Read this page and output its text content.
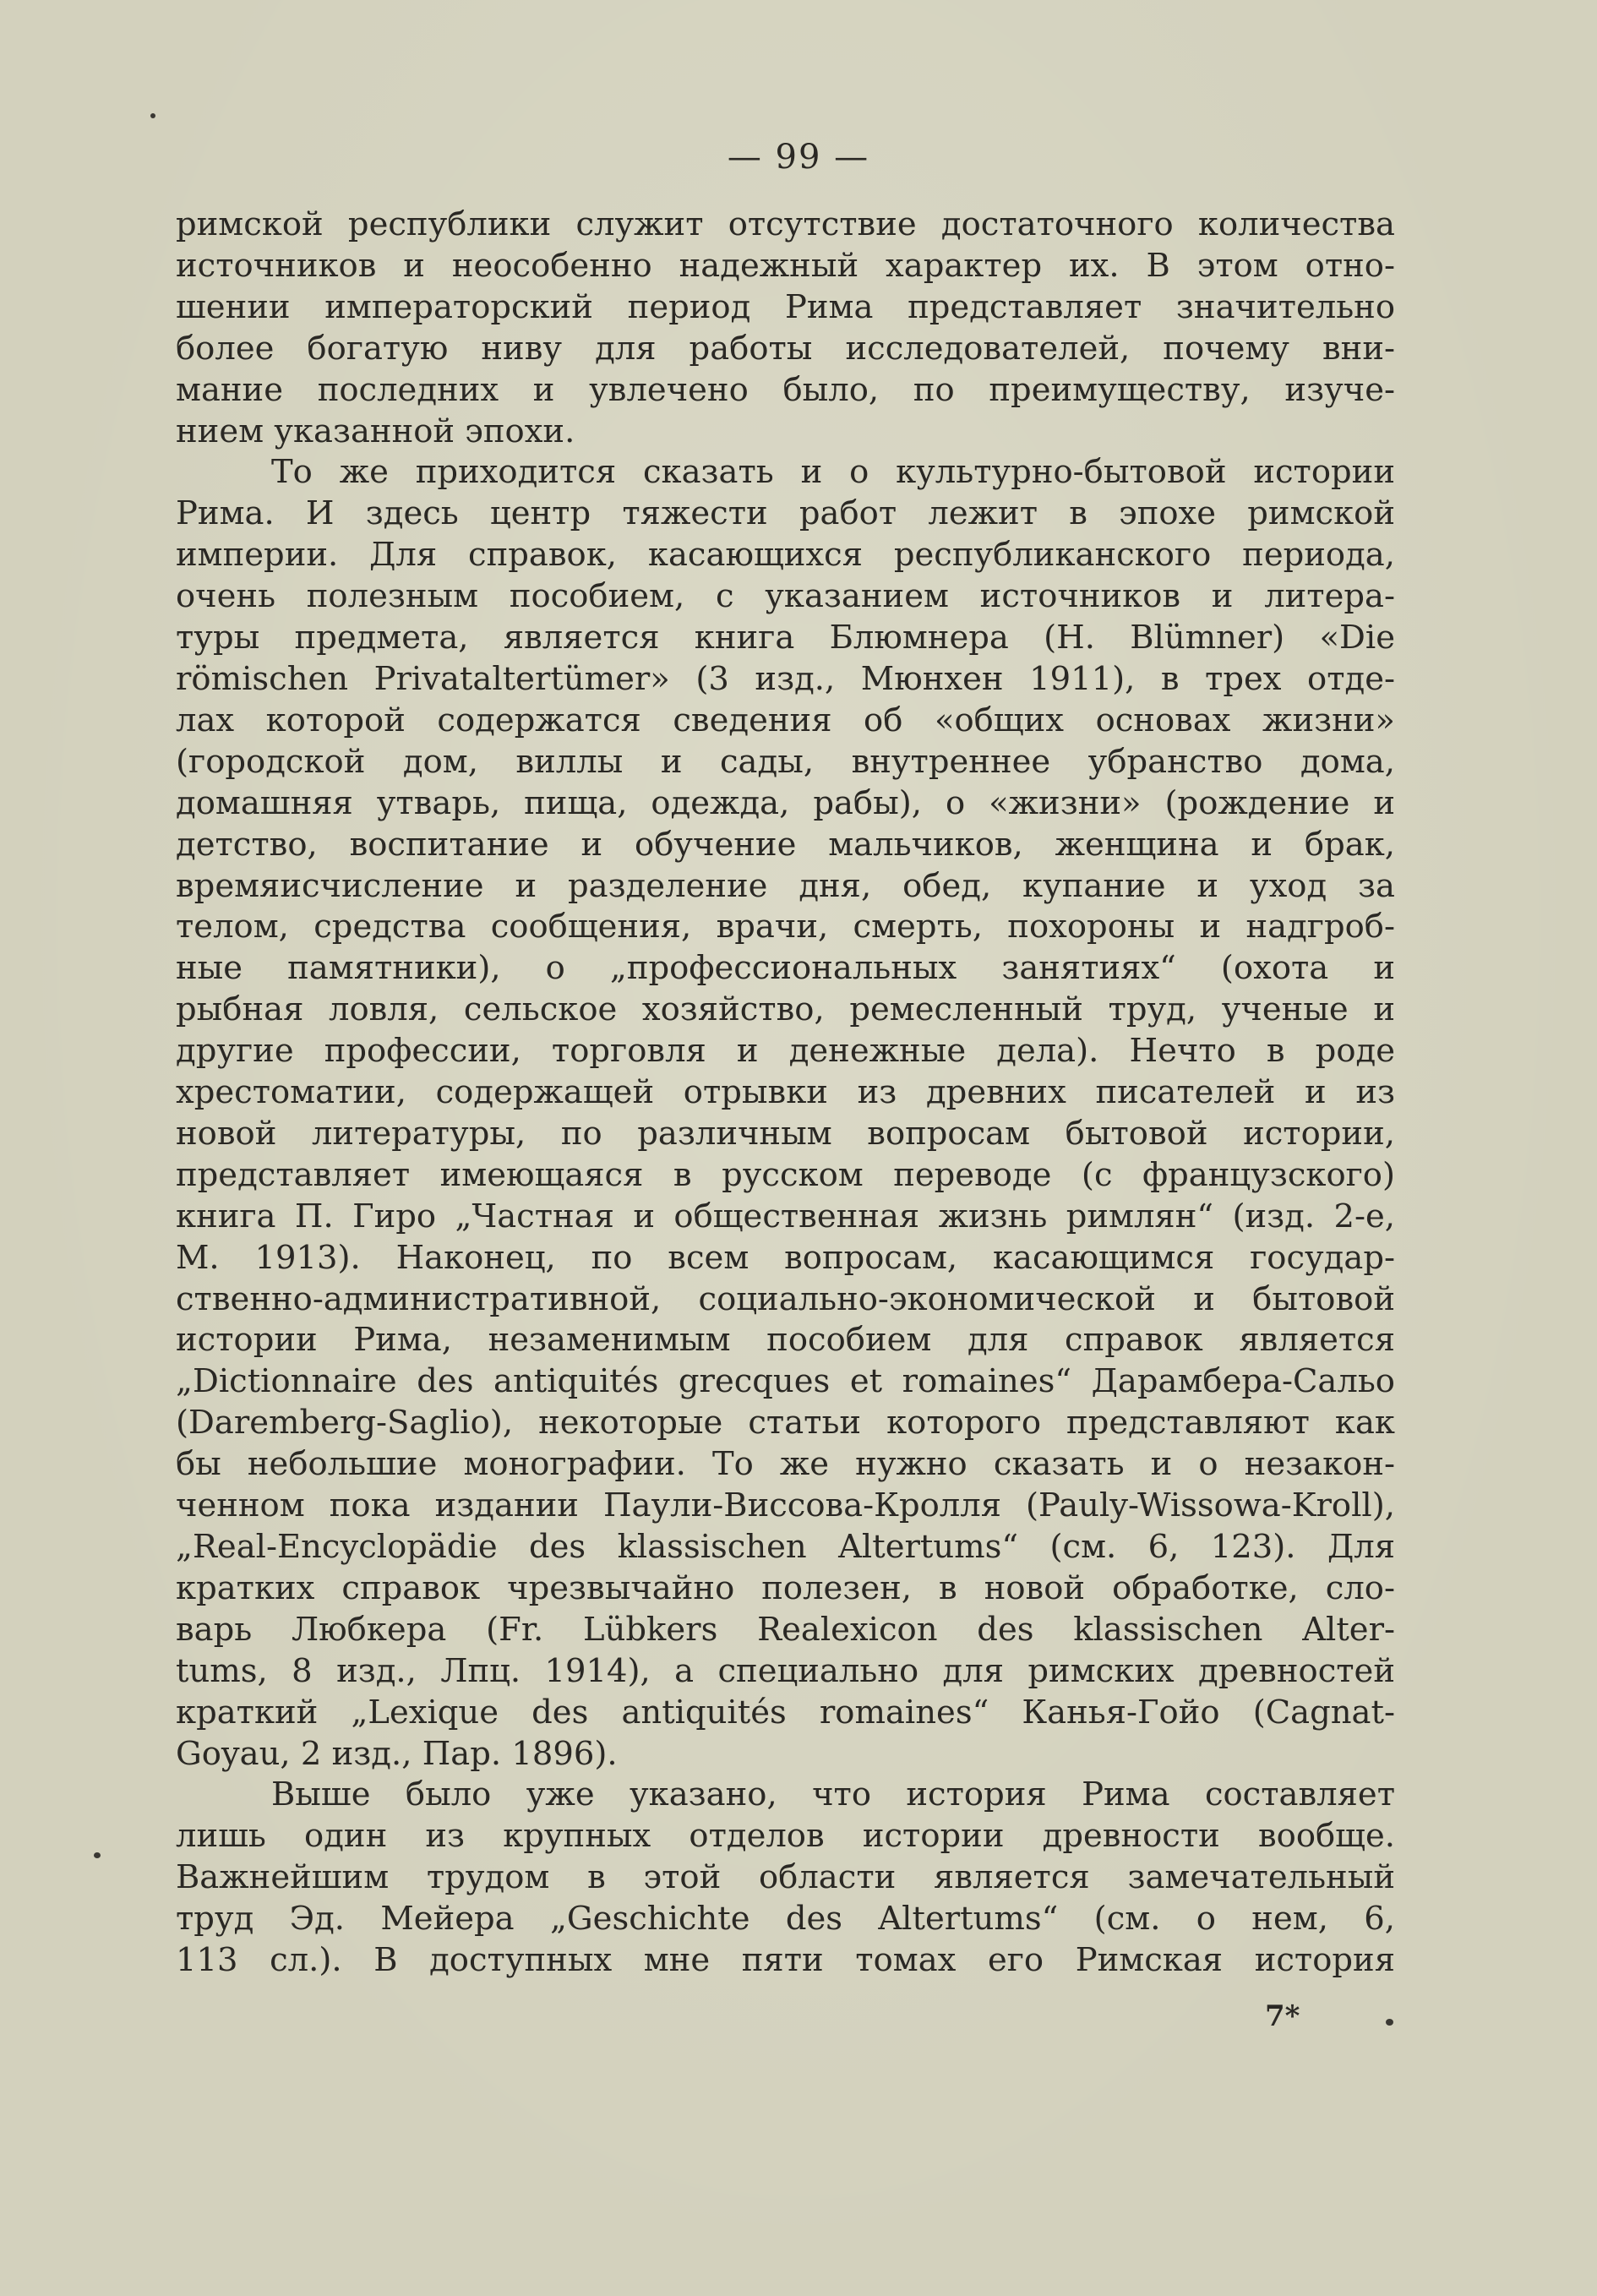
— 99 —

римской республики служит отсутствие достаточного количества
источников и неособенно надежный характер их. В этом отно-
шении императорский период Рима представляет значительно
более богатую ниву для работы исследователей, почему вни-
мание последних и увлечено было, по преимуществу, изуче-
нием указанной эпохи.

То же приходится сказать и о культурно-бытовой истории
Рима. И здесь центр тяжести работ лежит в эпохе римской
империи. Для справок, касающихся республиканского периода,
очень полезным пособием, с указанием источников и литера-
туры предмета, является книга Блюмнера (H. Blümner) «Die
römischen Privataltertümer» (3 изд., Мюнхен 1911), в трех отде-
лах которой содержатся сведения об «общих основах жизни»
(городской дом, виллы и сады, внутреннее убранство дома,
домашняя утварь, пища, одежда, рабы), о «жизни» (рождение и
детство, воспитание и обучение мальчиков, женщина и брак,
времяисчисление и разделение дня, обед, купание и уход за
телом, средства сообщения, врачи, смерть, похороны и надгроб-
ные памятники), о „профессиональных занятиях“ (охота и
рыбная ловля, сельское хозяйство, ремесленный труд, ученые и
другие профессии, торговля и денежные дела). Нечто в роде
хрестоматии, содержащей отрывки из древних писателей и из
новой литературы, по различным вопросам бытовой истории,
представляет имеющаяся в русском переводе (с французского)
книга П. Гиро „Частная и общественная жизнь римлян“ (изд. 2-е,
М. 1913). Наконец, по всем вопросам, касающимся государ-
ственно-административной, социально-экономической и бытовой
истории Рима, незаменимым пособием для справок является
„Dictionnaire des antiquités grecques et romaines“ Дарамбера-Сальо
(Daremberg-Saglio), некоторые статьи которого представляют как
бы небольшие монографии. То же нужно сказать и о незакон-
ченном пока издании Паули-Виссова-Кролля (Pauly-Wissowa-Kroll),
„Real-Encyclopädie des klassischen Altertums“ (см. 6, 123). Для
кратких справок чрезвычайно полезен, в новой обработке, сло-
варь Любкера (Fr. Lübkers Realexicon des klassischen Alter-
tums, 8 изд., Лпц. 1914), а специально для римских древностей
краткий „Lexique des antiquités romaines“ Канья-Гойо (Cagnat-
Goyau, 2 изд., Пар. 1896).

Выше было уже указано, что история Рима составляет
лишь один из крупных отделов истории древности вообще.
Важнейшим трудом в этой области является замечательный
труд Эд. Мейера „Geschichte des Altertums“ (см. о нем, 6,
113 сл.). В доступных мне пяти томах его Римская история

7*
